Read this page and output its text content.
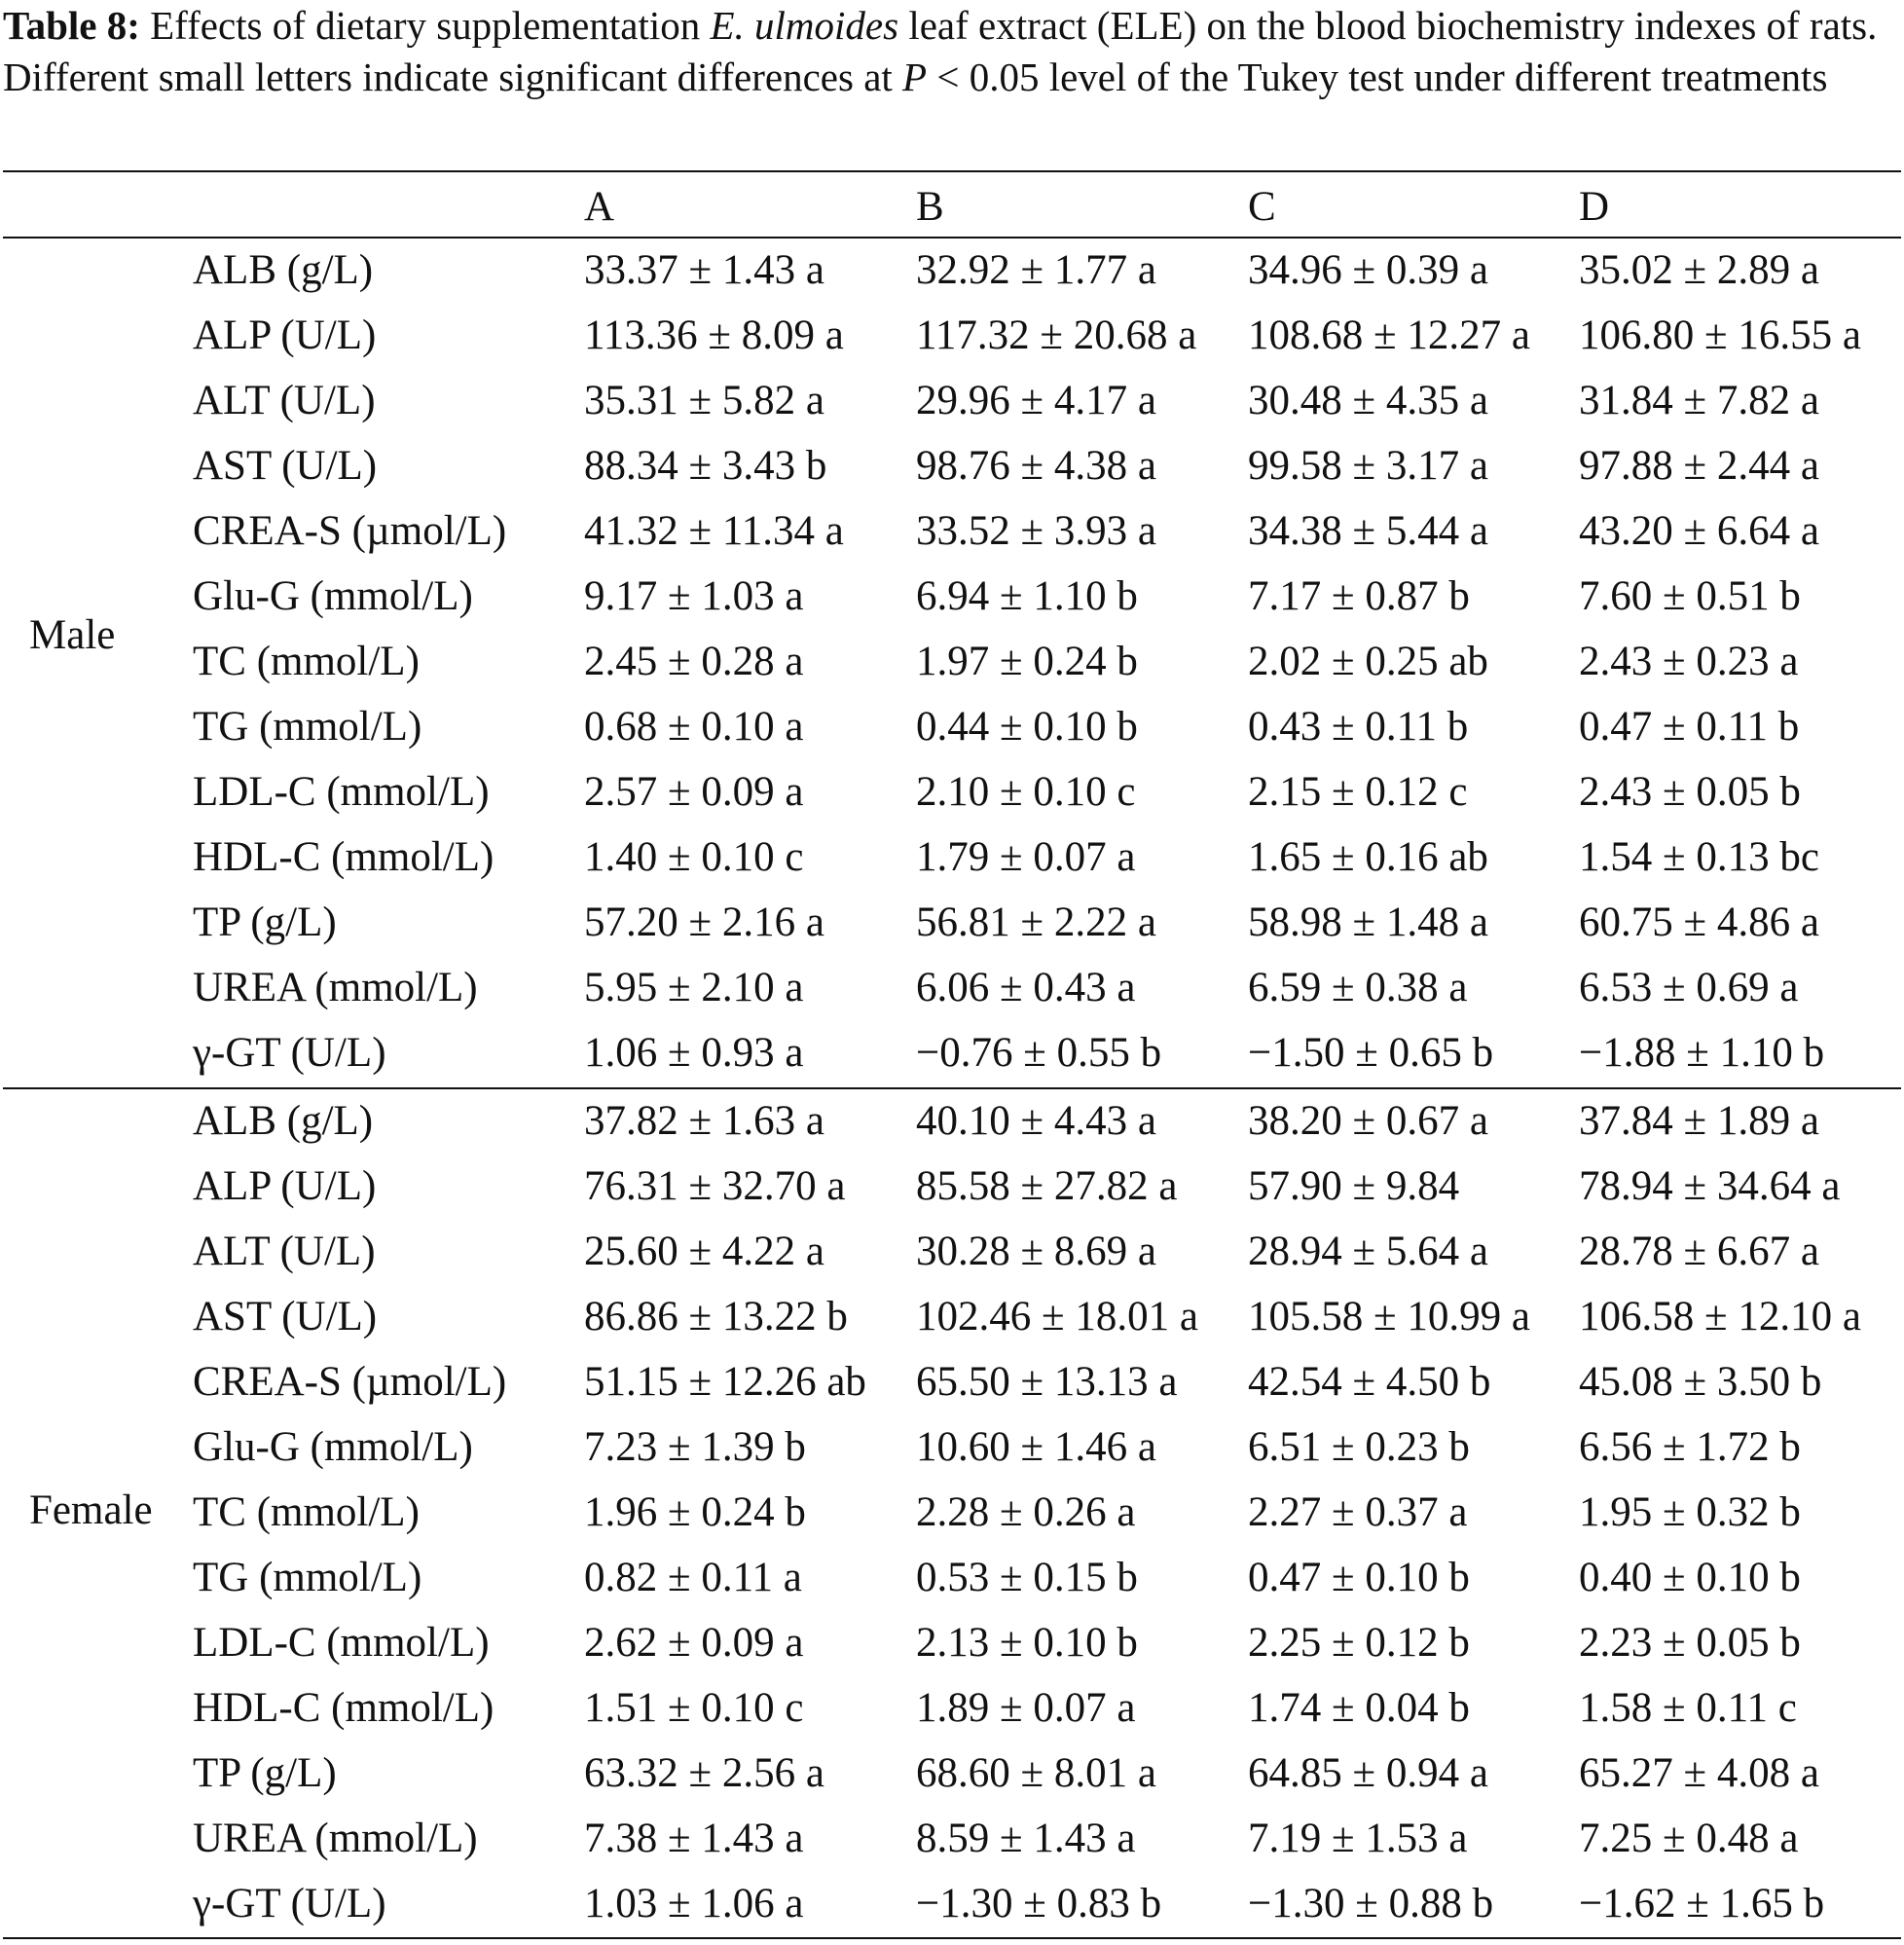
Table 8: Effects of dietary supplementation E. ulmoides leaf extract (ELE) on the blood biochemistry indexes of rats. Different small letters indicate significant differences at P < 0.05 level of the Tukey test under different treatments
A	B	C	D
Male
ALB (g/L)	33.37 ± 1.43 a 32.92 ± 1.77 a 34.96 ± 0.39 a 35.02 ± 2.89 a
ALP (U/L)	113.36 ± 8.09 a 117.32 ± 20.68 a 108.68 ± 12.27 a 106.80 ± 16.55 a
ALT (U/L)	35.31 ± 5.82 a 29.96 ± 4.17 a 30.48 ± 4.35 a 31.84 ± 7.82 a
AST (U/L)	88.34 ± 3.43 b 98.76 ± 4.38 a 99.58 ± 3.17 a 97.88 ± 2.44 a
CREA-S (µmol/L) 41.32 ± 11.34 a 33.52 ± 3.93 a 34.38 ± 5.44 a 43.20 ± 6.64 a
Glu-G (mmol/L)	9.17 ± 1.03 a	6.94 ± 1.10 b	7.17 ± 0.87 b	7.60 ± 0.51 b
TC (mmol/L)	2.45 ± 0.28 a	1.97 ± 0.24 b	2.02 ± 0.25 ab 2.43 ± 0.23 a
TG (mmol/L)	0.68 ± 0.10 a	0.44 ± 0.10 b	0.43 ± 0.11 b	0.47 ± 0.11 b
LDL-C (mmol/L) 2.57 ± 0.09 a	2.10 ± 0.10 c	2.15 ± 0.12 c	2.43 ± 0.05 b
HDL-C (mmol/L) 1.40 ± 0.10 c	1.79 ± 0.07 a	1.65 ± 0.16 ab 1.54 ± 0.13 bc
TP (g/L)	57.20 ± 2.16 a 56.81 ± 2.22 a 58.98 ± 1.48 a 60.75 ± 4.86 a
UREA (mmol/L)	5.95 ± 2.10 a	6.06 ± 0.43 a	6.59 ± 0.38 a	6.53 ± 0.69 a
γ-GT (U/L)	1.06 ± 0.93 a	−0.76 ± 0.55 b −1.50 ± 0.65 b −1.88 ± 1.10 b
Female
ALB (g/L)	37.82 ± 1.63 a 40.10 ± 4.43 a 38.20 ± 0.67 a 37.84 ± 1.89 a
ALP (U/L)	76.31 ± 32.70 a 85.58 ± 27.82 a 57.90 ± 9.84	78.94 ± 34.64 a
ALT (U/L)	25.60 ± 4.22 a 30.28 ± 8.69 a 28.94 ± 5.64 a 28.78 ± 6.67 a
AST (U/L)	86.86 ± 13.22 b 102.46 ± 18.01 a 105.58 ± 10.99 a 106.58 ± 12.10 a
CREA-S (µmol/L) 51.15 ± 12.26 ab 65.50 ± 13.13 a 42.54 ± 4.50 b 45.08 ± 3.50 b
Glu-G (mmol/L)	7.23 ± 1.39 b	10.60 ± 1.46 a 6.51 ± 0.23 b	6.56 ± 1.72 b
TC (mmol/L)	1.96 ± 0.24 b	2.28 ± 0.26 a	2.27 ± 0.37 a	1.95 ± 0.32 b
TG (mmol/L)	0.82 ± 0.11 a	0.53 ± 0.15 b	0.47 ± 0.10 b	0.40 ± 0.10 b
LDL-C (mmol/L) 2.62 ± 0.09 a	2.13 ± 0.10 b	2.25 ± 0.12 b	2.23 ± 0.05 b
HDL-C (mmol/L) 1.51 ± 0.10 c	1.89 ± 0.07 a	1.74 ± 0.04 b	1.58 ± 0.11 c
TP (g/L)	63.32 ± 2.56 a 68.60 ± 8.01 a 64.85 ± 0.94 a 65.27 ± 4.08 a
UREA (mmol/L)	7.38 ± 1.43 a	8.59 ± 1.43 a	7.19 ± 1.53 a	7.25 ± 0.48 a
γ-GT (U/L)	1.03 ± 1.06 a	−1.30 ± 0.83 b −1.30 ± 0.88 b −1.62 ± 1.65 b
